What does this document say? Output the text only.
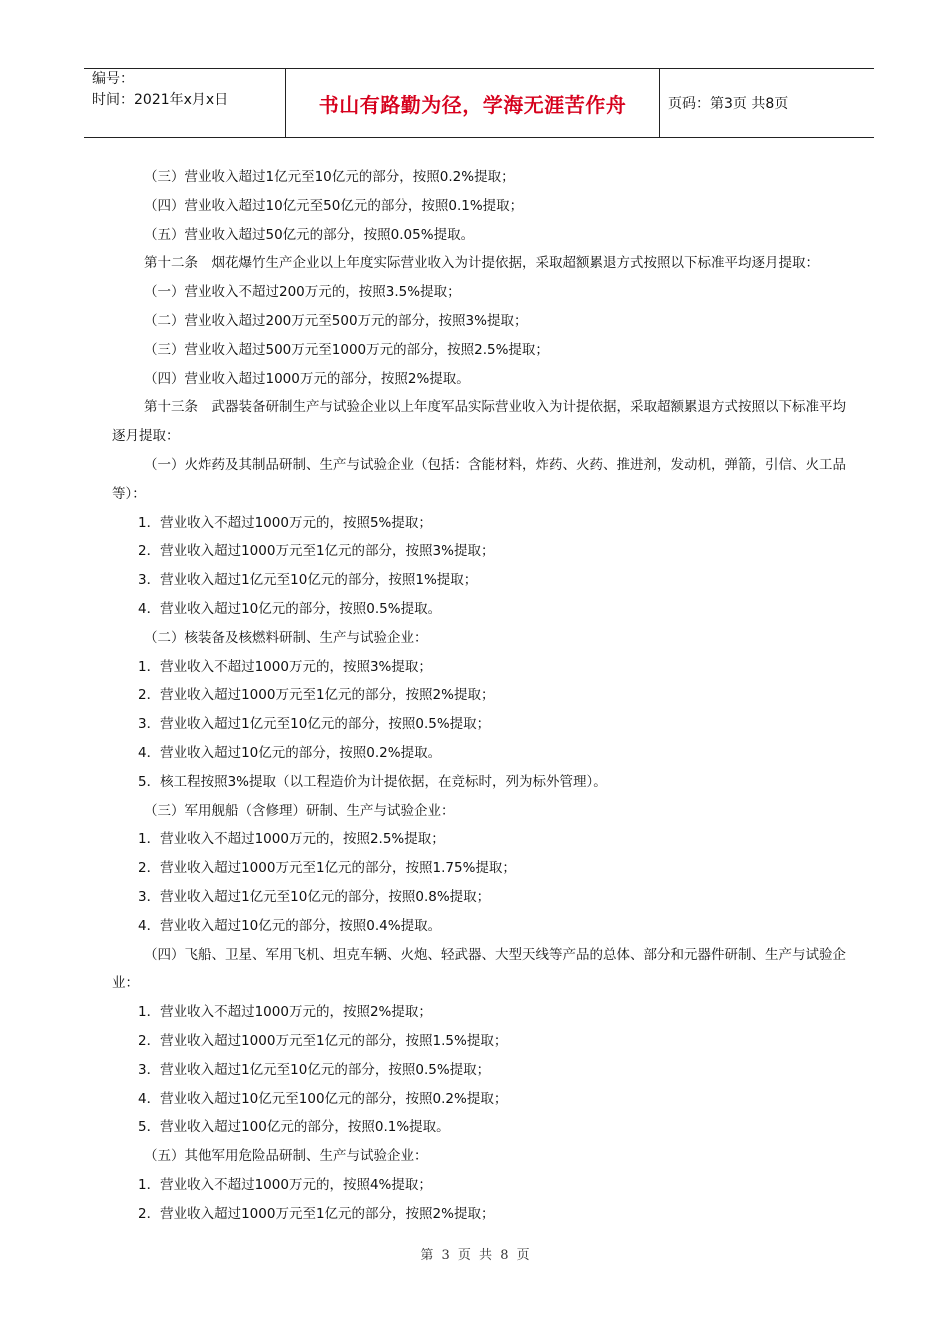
编号：
时间：2021年x月x日	书山有路勤为径，学海无涯苦作舟	页码：第3页 共8页

（三）营业收入超过1亿元至10亿元的部分，按照0.2%提取；

（四）营业收入超过10亿元至50亿元的部分，按照0.1%提取；

（五）营业收入超过50亿元的部分，按照0.05%提取。

第十二条　烟花爆竹生产企业以上年度实际营业收入为计提依据，采取超额累退方式按照以下标准平均逐月提取：

（一）营业收入不超过200万元的，按照3.5%提取；

（二）营业收入超过200万元至500万元的部分，按照3%提取；

（三）营业收入超过500万元至1000万元的部分，按照2.5%提取；

（四）营业收入超过1000万元的部分，按照2%提取。

第十三条　武器装备研制生产与试验企业以上年度军品实际营业收入为计提依据，采取超额累退方式按照以下标准平均逐月提取：

（一）火炸药及其制品研制、生产与试验企业（包括：含能材料，炸药、火药、推进剂，发动机，弹箭，引信、火工品等）：

1．营业收入不超过1000万元的，按照5%提取；

2．营业收入超过1000万元至1亿元的部分，按照3%提取；

3．营业收入超过1亿元至10亿元的部分，按照1%提取；

4．营业收入超过10亿元的部分，按照0.5%提取。

（二）核装备及核燃料研制、生产与试验企业：

1．营业收入不超过1000万元的，按照3%提取；

2．营业收入超过1000万元至1亿元的部分，按照2%提取；

3．营业收入超过1亿元至10亿元的部分，按照0.5%提取；

4．营业收入超过10亿元的部分，按照0.2%提取。

5．核工程按照3%提取（以工程造价为计提依据，在竞标时，列为标外管理）。

（三）军用舰船（含修理）研制、生产与试验企业：

1．营业收入不超过1000万元的，按照2.5%提取；

2．营业收入超过1000万元至1亿元的部分，按照1.75%提取；

3．营业收入超过1亿元至10亿元的部分，按照0.8%提取；

4．营业收入超过10亿元的部分，按照0.4%提取。

（四）飞船、卫星、军用飞机、坦克车辆、火炮、轻武器、大型天线等产品的总体、部分和元器件研制、生产与试验企业：

1．营业收入不超过1000万元的，按照2%提取；

2．营业收入超过1000万元至1亿元的部分，按照1.5%提取；

3．营业收入超过1亿元至10亿元的部分，按照0.5%提取；

4．营业收入超过10亿元至100亿元的部分，按照0.2%提取；

5．营业收入超过100亿元的部分，按照0.1%提取。

（五）其他军用危险品研制、生产与试验企业：

1．营业收入不超过1000万元的，按照4%提取；

2．营业收入超过1000万元至1亿元的部分，按照2%提取；

第 3 页 共 8 页
